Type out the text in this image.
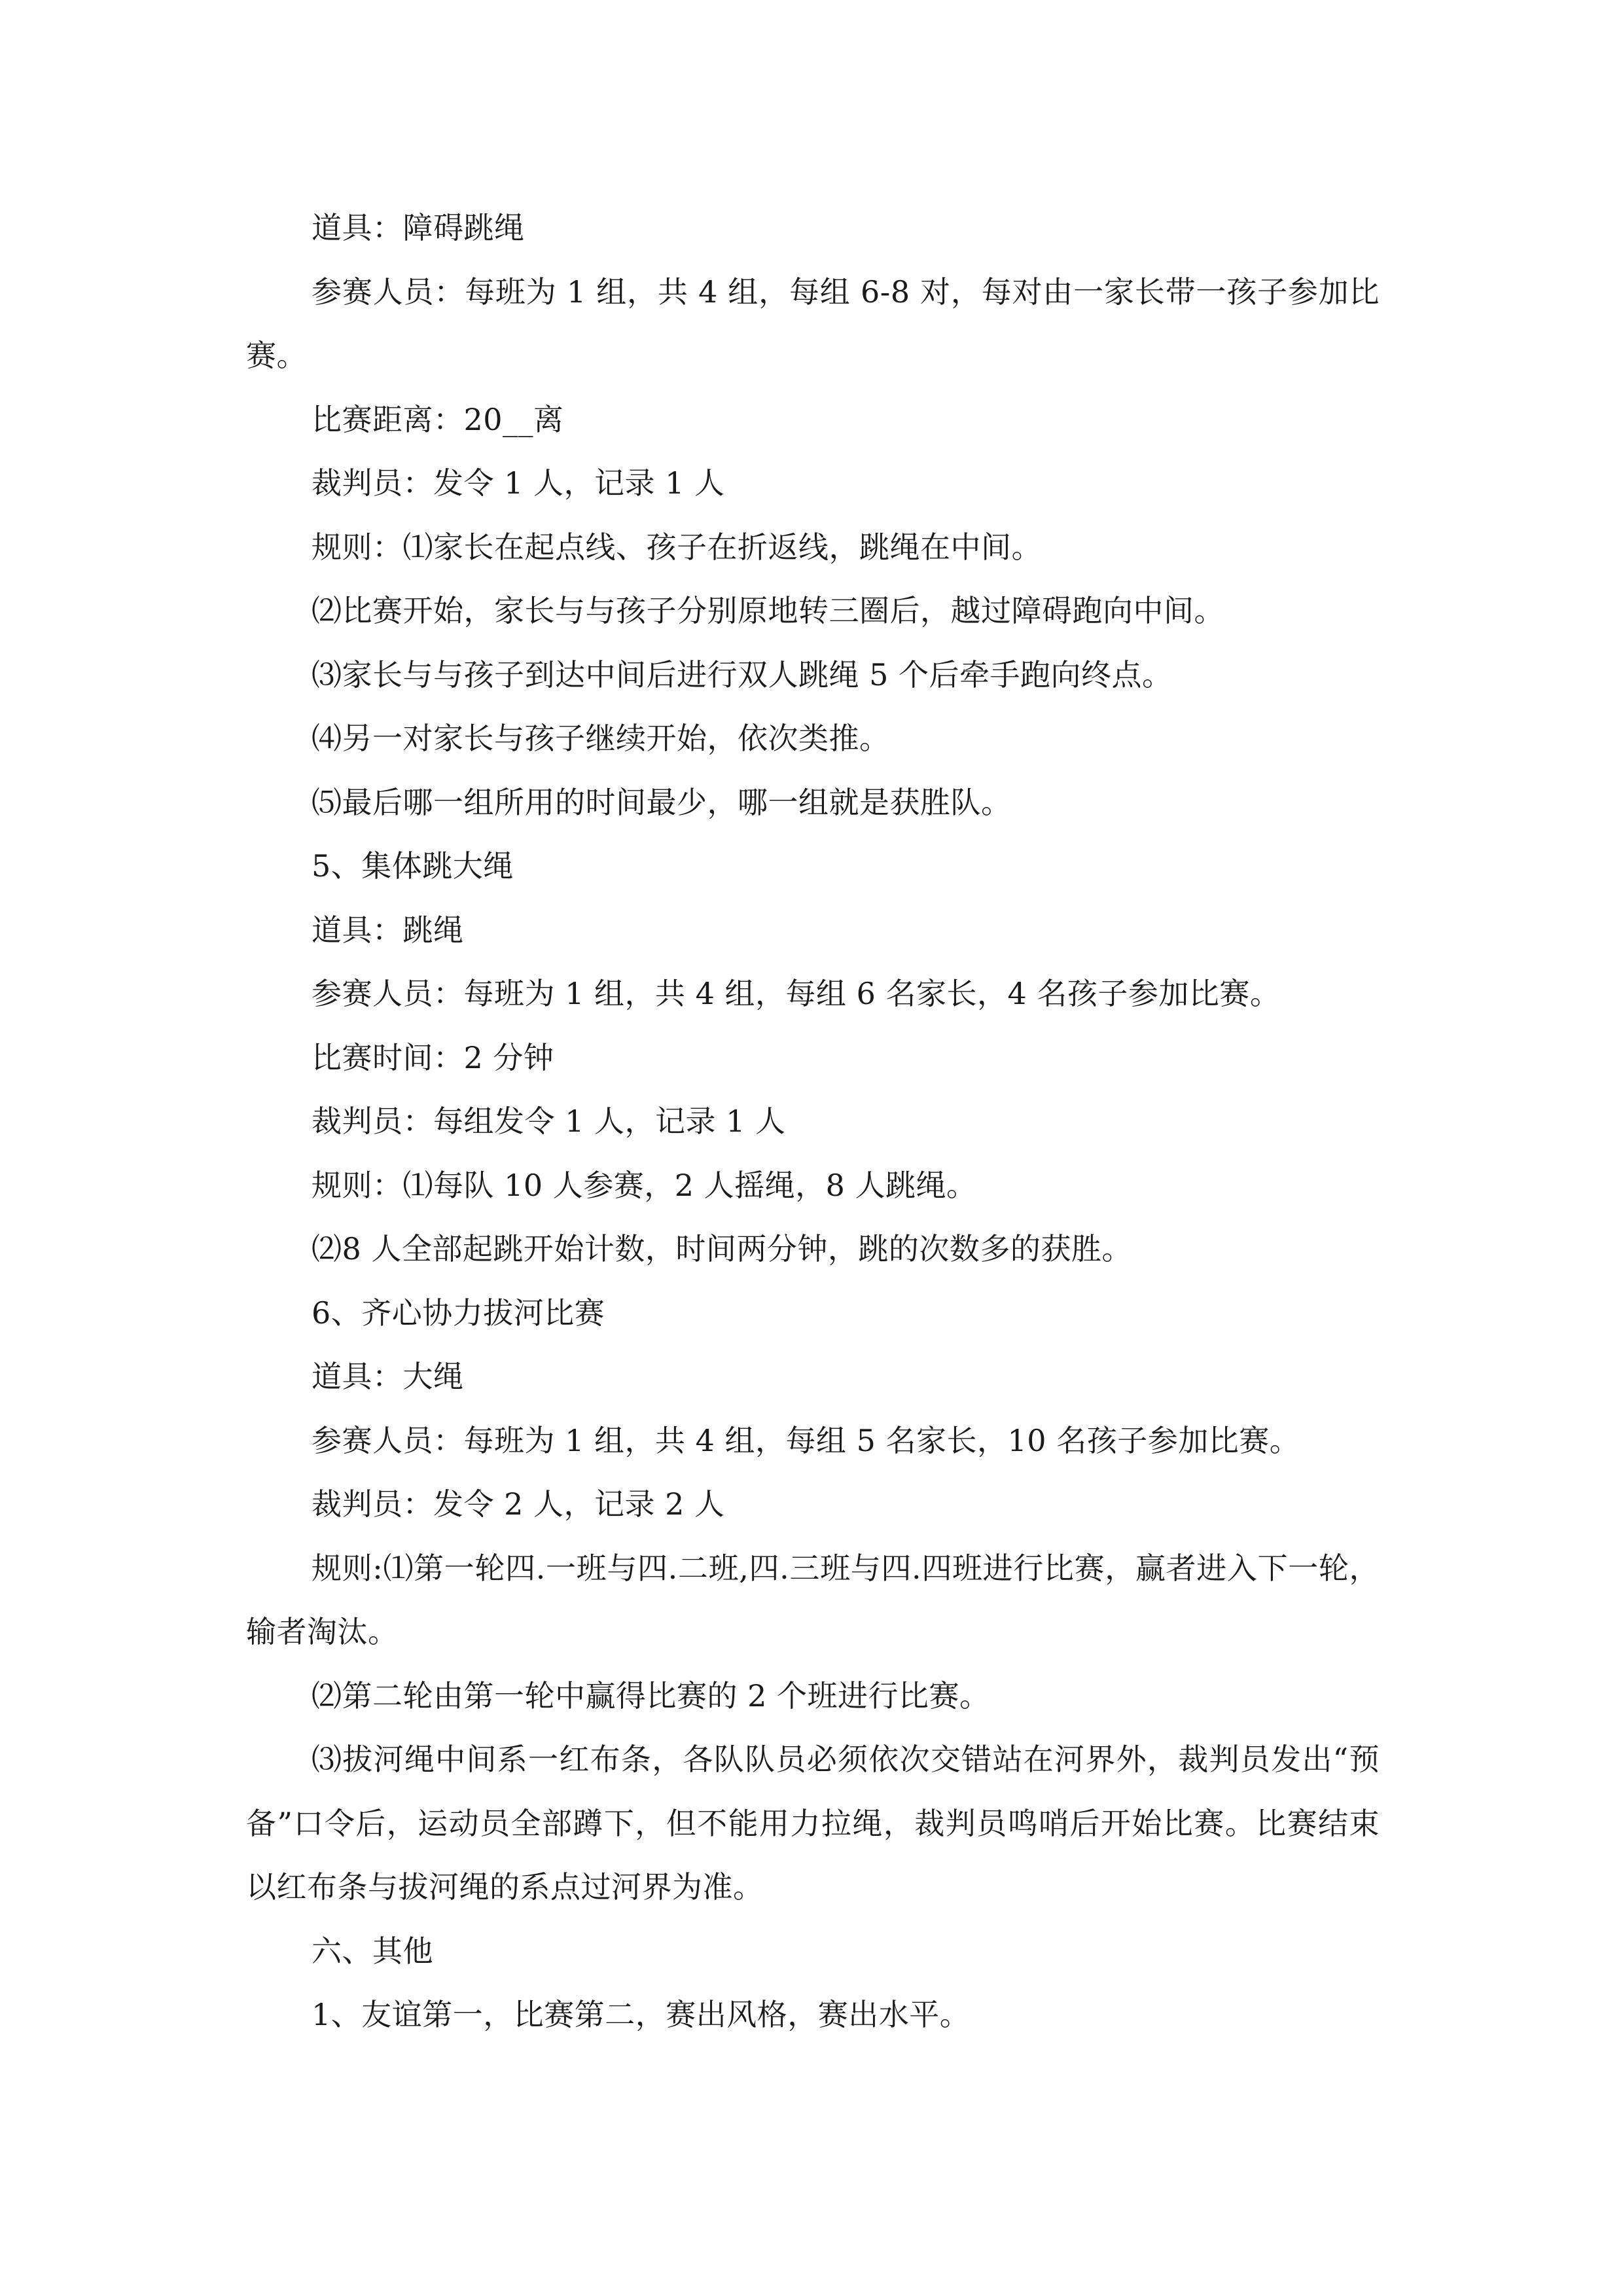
道具：障碍跳绳

参赛人员：每班为 1 组，共 4 组，每组 6-8 对，每对由一家长带一孩子参加比赛。

比赛距离：20__离

裁判员：发令 1 人，记录 1 人

规则：⑴家长在起点线、孩子在折返线，跳绳在中间。

⑵比赛开始，家长与与孩子分别原地转三圈后，越过障碍跑向中间。

⑶家长与与孩子到达中间后进行双人跳绳 5 个后牵手跑向终点。

⑷另一对家长与孩子继续开始，依次类推。

⑸最后哪一组所用的时间最少，哪一组就是获胜队。

5、集体跳大绳

道具：跳绳

参赛人员：每班为 1 组，共 4 组，每组 6 名家长，4 名孩子参加比赛。

比赛时间：2 分钟

裁判员：每组发令 1 人，记录 1 人

规则：⑴每队 10 人参赛，2 人摇绳，8 人跳绳。

⑵8 人全部起跳开始计数，时间两分钟，跳的次数多的获胜。

6、齐心协力拔河比赛

道具：大绳

参赛人员：每班为 1 组，共 4 组，每组 5 名家长，10 名孩子参加比赛。

裁判员：发令 2 人，记录 2 人

规则:⑴第一轮四.一班与四.二班,四.三班与四.四班进行比赛，赢者进入下一轮，输者淘汰。

⑵第二轮由第一轮中赢得比赛的 2 个班进行比赛。

⑶拔河绳中间系一红布条，各队队员必须依次交错站在河界外，裁判员发出“预备”口令后，运动员全部蹲下，但不能用力拉绳，裁判员鸣哨后开始比赛。比赛结束以红布条与拔河绳的系点过河界为准。

六、其他

1、友谊第一，比赛第二，赛出风格，赛出水平。
